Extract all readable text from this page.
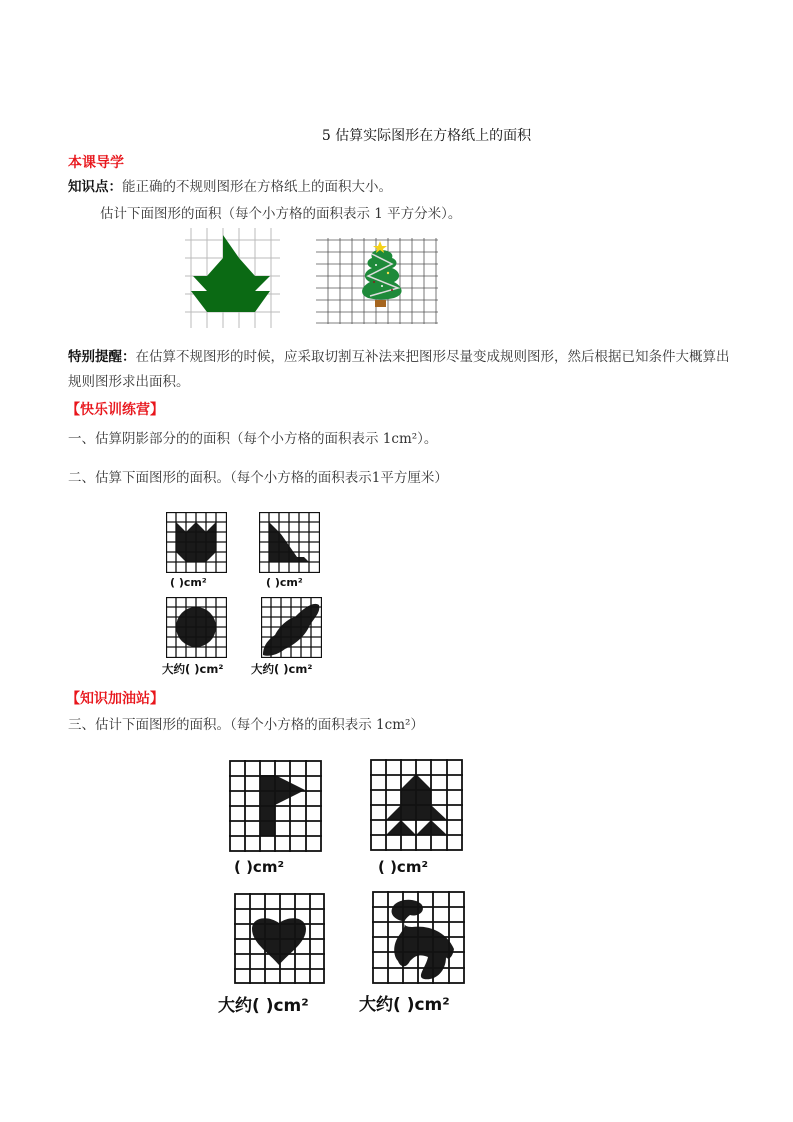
5 估算实际图形在方格纸上的面积
本课导学
知识点：能正确的不规则图形在方格纸上的面积大小。
估计下面图形的面积（每个小方格的面积表示 1 平方分米）。
特别提醒：在估算不规图形的时候，应采取切割互补法来把图形尽量变成规则图形，然后根据已知条件大概算出规则图形求出面积。
【快乐训练营】
一、估算阴影部分的的面积（每个小方格的面积表示 1cm²）。
二、估算下面图形的面积。（每个小方格的面积表示1平方厘米）
( )cm²	( )cm²
大约( )cm² 大约( )cm²
【知识加油站】
三、估计下面图形的面积。（每个小方格的面积表示 1cm²）
( )cm²	( )cm²
大约( )cm²	大约( )cm²
